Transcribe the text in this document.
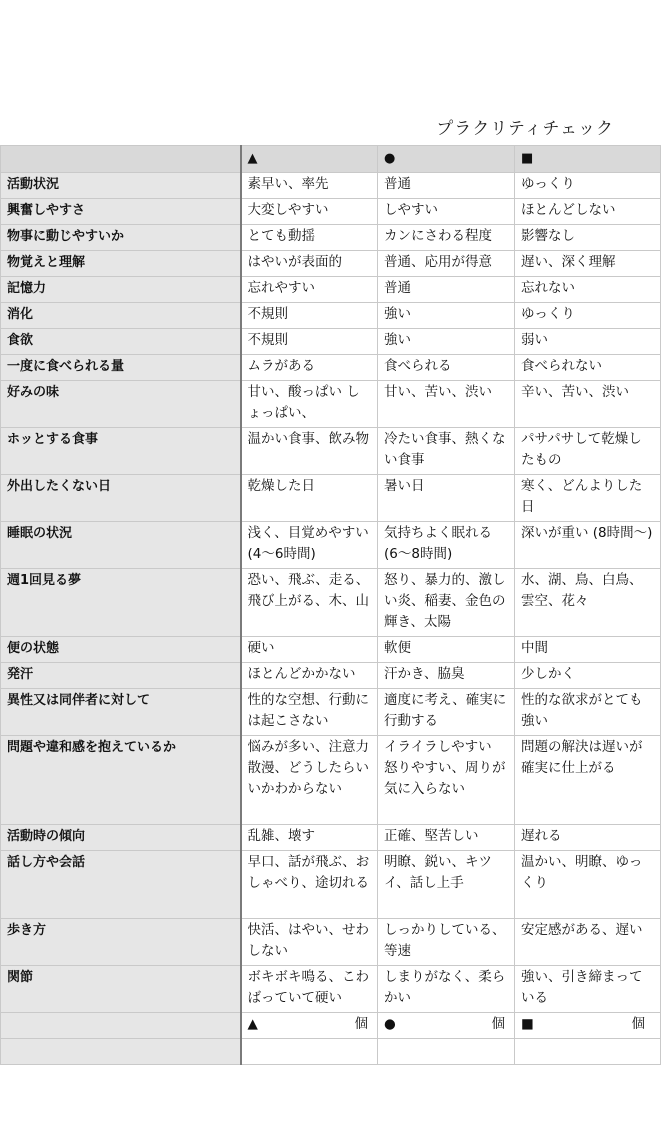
プラクリティチェック
	▲	●	■
活動状況	素早い、率先	普通	ゆっくり
興奮しやすさ	大変しやすい	しやすい	ほとんどしない
物事に動じやすいか	とても動揺	カンにさわる程度	影響なし
物覚えと理解	はやいが表面的	普通、応用が得意	遅い、深く理解
記憶力	忘れやすい	普通	忘れない
消化	不規則	強い	ゆっくり
食欲	不規則	強い	弱い
一度に食べられる量	ムラがある	食べられる	食べられない
好みの味	甘い、酸っぱい しょっぱい、	甘い、苦い、渋い	辛い、苦い、渋い
ホッとする食事	温かい食事、飲み物	冷たい食事、熱くない食事	パサパサして乾燥したもの
外出したくない日	乾燥した日	暑い日	寒く、どんよりした日
睡眠の状況	浅く、目覚めやすい(4〜6時間)	気持ちよく眠れる(6〜8時間)	深いが重い (8時間〜)
週1回見る夢	恐い、飛ぶ、走る、飛び上がる、木、山	怒り、暴力的、激しい炎、稲妻、金色の輝き、太陽	水、湖、鳥、白鳥、雲空、花々
便の状態	硬い	軟便	中間
発汗	ほとんどかかない	汗かき、脇臭	少しかく
異性又は同伴者に対して	性的な空想、行動には起こさない	適度に考え、確実に行動する	性的な欲求がとても強い
問題や違和感を抱えているか	悩みが多い、注意力散漫、どうしたらいいかわからない	イライラしやすい 怒りやすい、周りが気に入らない	問題の解決は遅いが確実に仕上がる
活動時の傾向	乱雑、壊す	正確、堅苦しい	遅れる
話し方や会話	早口、話が飛ぶ、おしゃべり、途切れる	明瞭、鋭い、キツイ、話し上手	温かい、明瞭、ゆっくり
歩き方	快活、はやい、せわしない	しっかりしている、等速	安定感がある、遅い
関節	ボキボキ鳴る、こわばっていて硬い	しまりがなく、柔らかい	強い、引き締まっている

	▲ 個	● 個	■ 個
